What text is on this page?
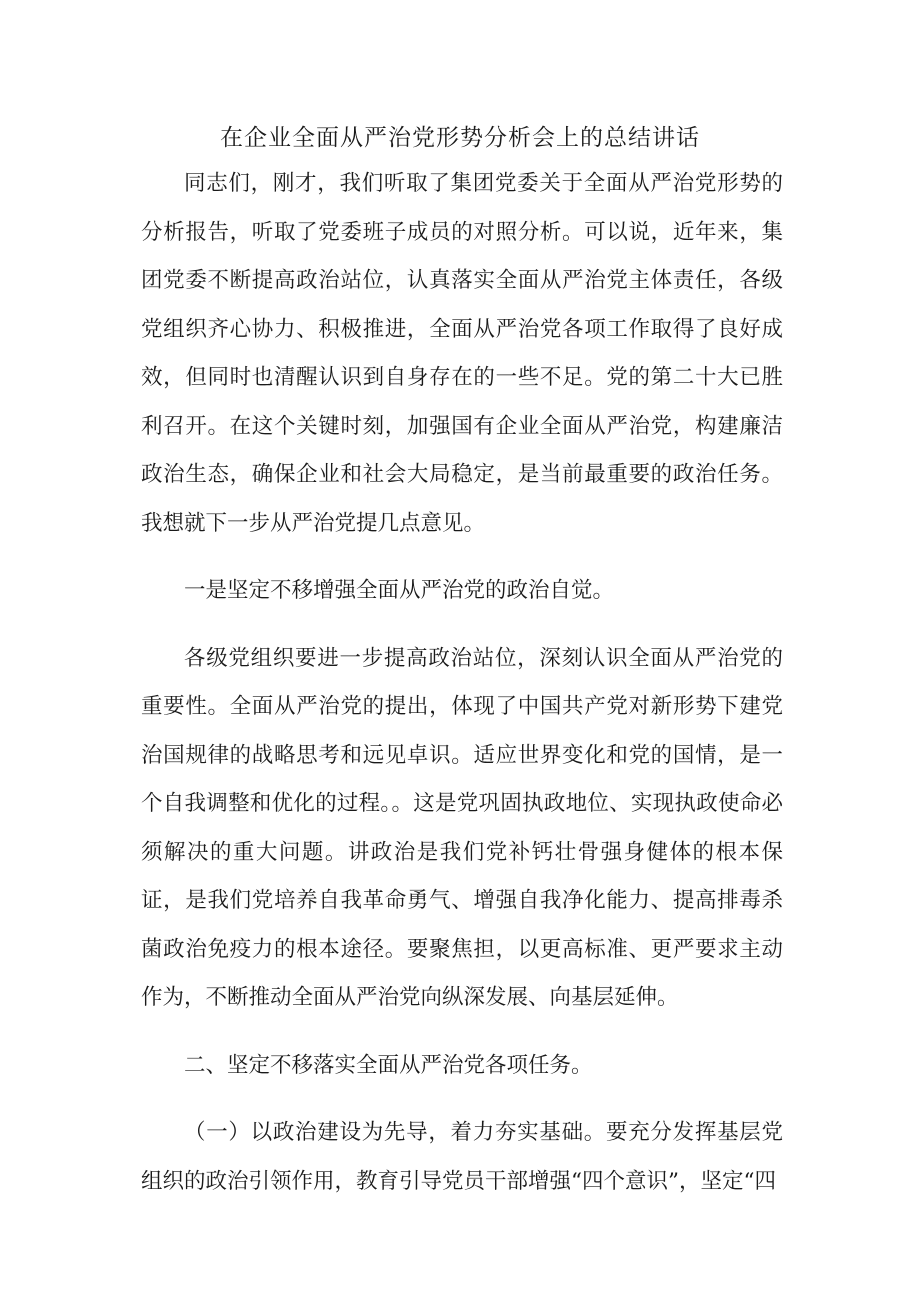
在企业全面从严治党形势分析会上的总结讲话

同志们，刚才，我们听取了集团党委关于全面从严治党形势的分析报告，听取了党委班子成员的对照分析。可以说，近年来，集团党委不断提高政治站位，认真落实全面从严治党主体责任，各级党组织齐心协力、积极推进，全面从严治党各项工作取得了良好成效，但同时也清醒认识到自身存在的一些不足。党的第二十大已胜利召开。在这个关键时刻，加强国有企业全面从严治党，构建廉洁政治生态，确保企业和社会大局稳定，是当前最重要的政治任务。我想就下一步从严治党提几点意见。

一是坚定不移增强全面从严治党的政治自觉。

各级党组织要进一步提高政治站位，深刻认识全面从严治党的重要性。全面从严治党的提出，体现了中国共产党对新形势下建党治国规律的战略思考和远见卓识。适应世界变化和党的国情，是一个自我调整和优化的过程。。这是党巩固执政地位、实现执政使命必须解决的重大问题。讲政治是我们党补钙壮骨强身健体的根本保证，是我们党培养自我革命勇气、增强自我净化能力、提高排毒杀菌政治免疫力的根本途径。要聚焦担，以更高标准、更严要求主动作为，不断推动全面从严治党向纵深发展、向基层延伸。

二、坚定不移落实全面从严治党各项任务。

（一）以政治建设为先导，着力夯实基础。要充分发挥基层党组织的政治引领作用，教育引导党员干部增强“四个意识”，坚定“四
